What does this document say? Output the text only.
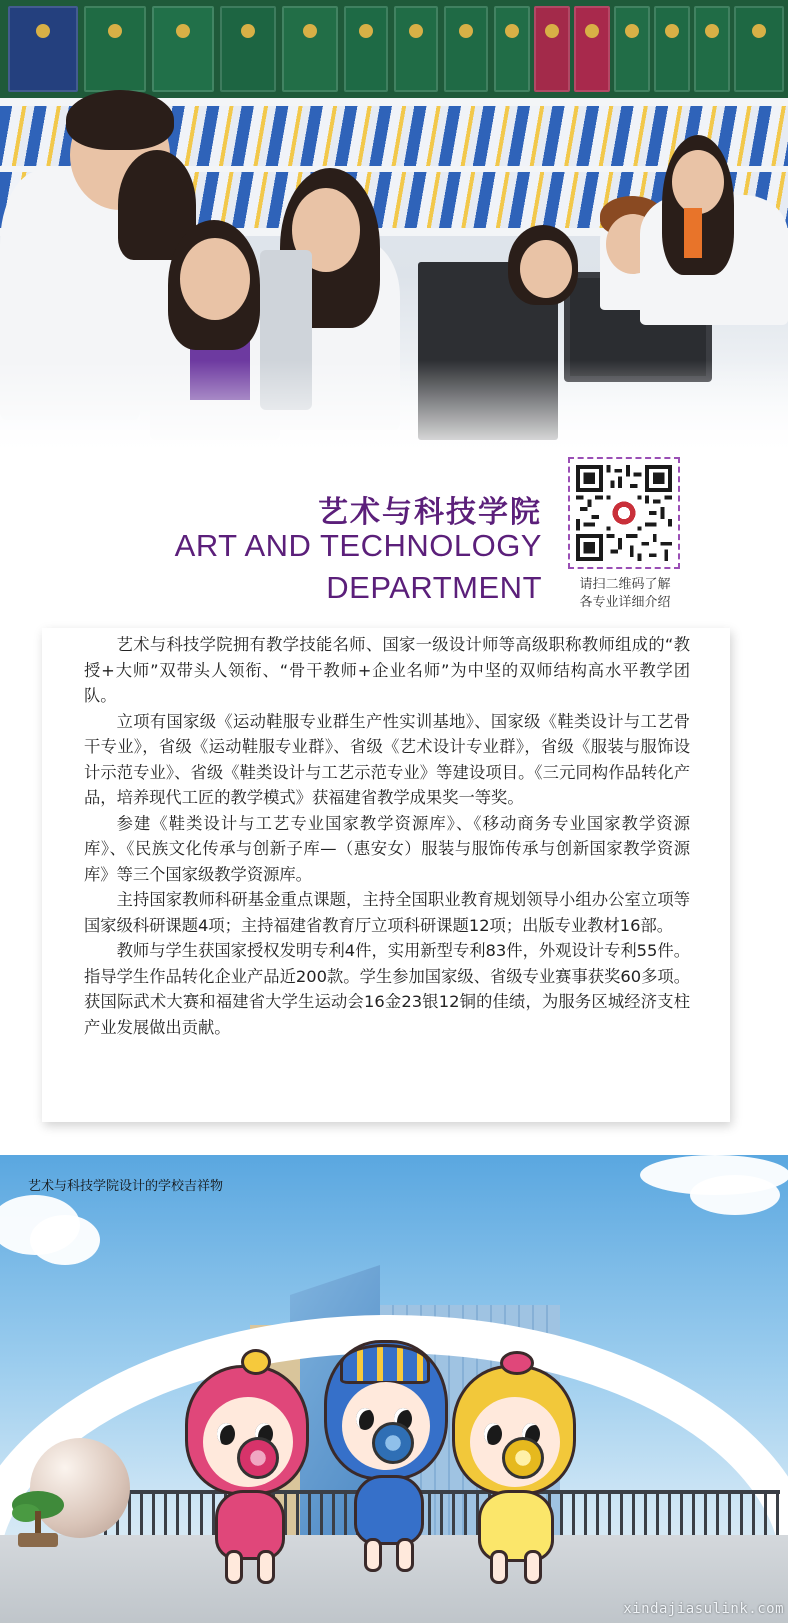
艺术与科技学院
ART AND TECHNOLOGY
DEPARTMENT	请扫二维码了解
各专业详细介绍

艺术与科技学院拥有教学技能名师、国家一级设计师等高级职称教师组成的“教授+大师”双带头人领衔、“骨干教师+企业名师”为中坚的双师结构高水平教学团队。

立项有国家级《运动鞋服专业群生产性实训基地》、国家级《鞋类设计与工艺骨干专业》，省级《运动鞋服专业群》、省级《艺术设计专业群》，省级《服装与服饰设计示范专业》、省级《鞋类设计与工艺示范专业》等建设项目。《三元同构作品转化产品，培养现代工匠的教学模式》获福建省教学成果奖一等奖。

参建《鞋类设计与工艺专业国家教学资源库》、《移动商务专业国家教学资源库》、《民族文化传承与创新子库—（惠安女）服装与服饰传承与创新国家教学资源库》等三个国家级教学资源库。

主持国家教师科研基金重点课题，主持全国职业教育规划领导小组办公室立项等国家级科研课题4项；主持福建省教育厅立项科研课题12项；出版专业教材16部。

教师与学生获国家授权发明专利4件，实用新型专利83件，外观设计专利55件。指导学生作品转化企业产品近200款。学生参加国家级、省级专业赛事获奖60多项。获国际武术大赛和福建省大学生运动会16金23银12铜的佳绩，为服务区城经济支柱产业发展做出贡献。

艺术与科技学院设计的学校吉祥物
xindajiasulink.com
